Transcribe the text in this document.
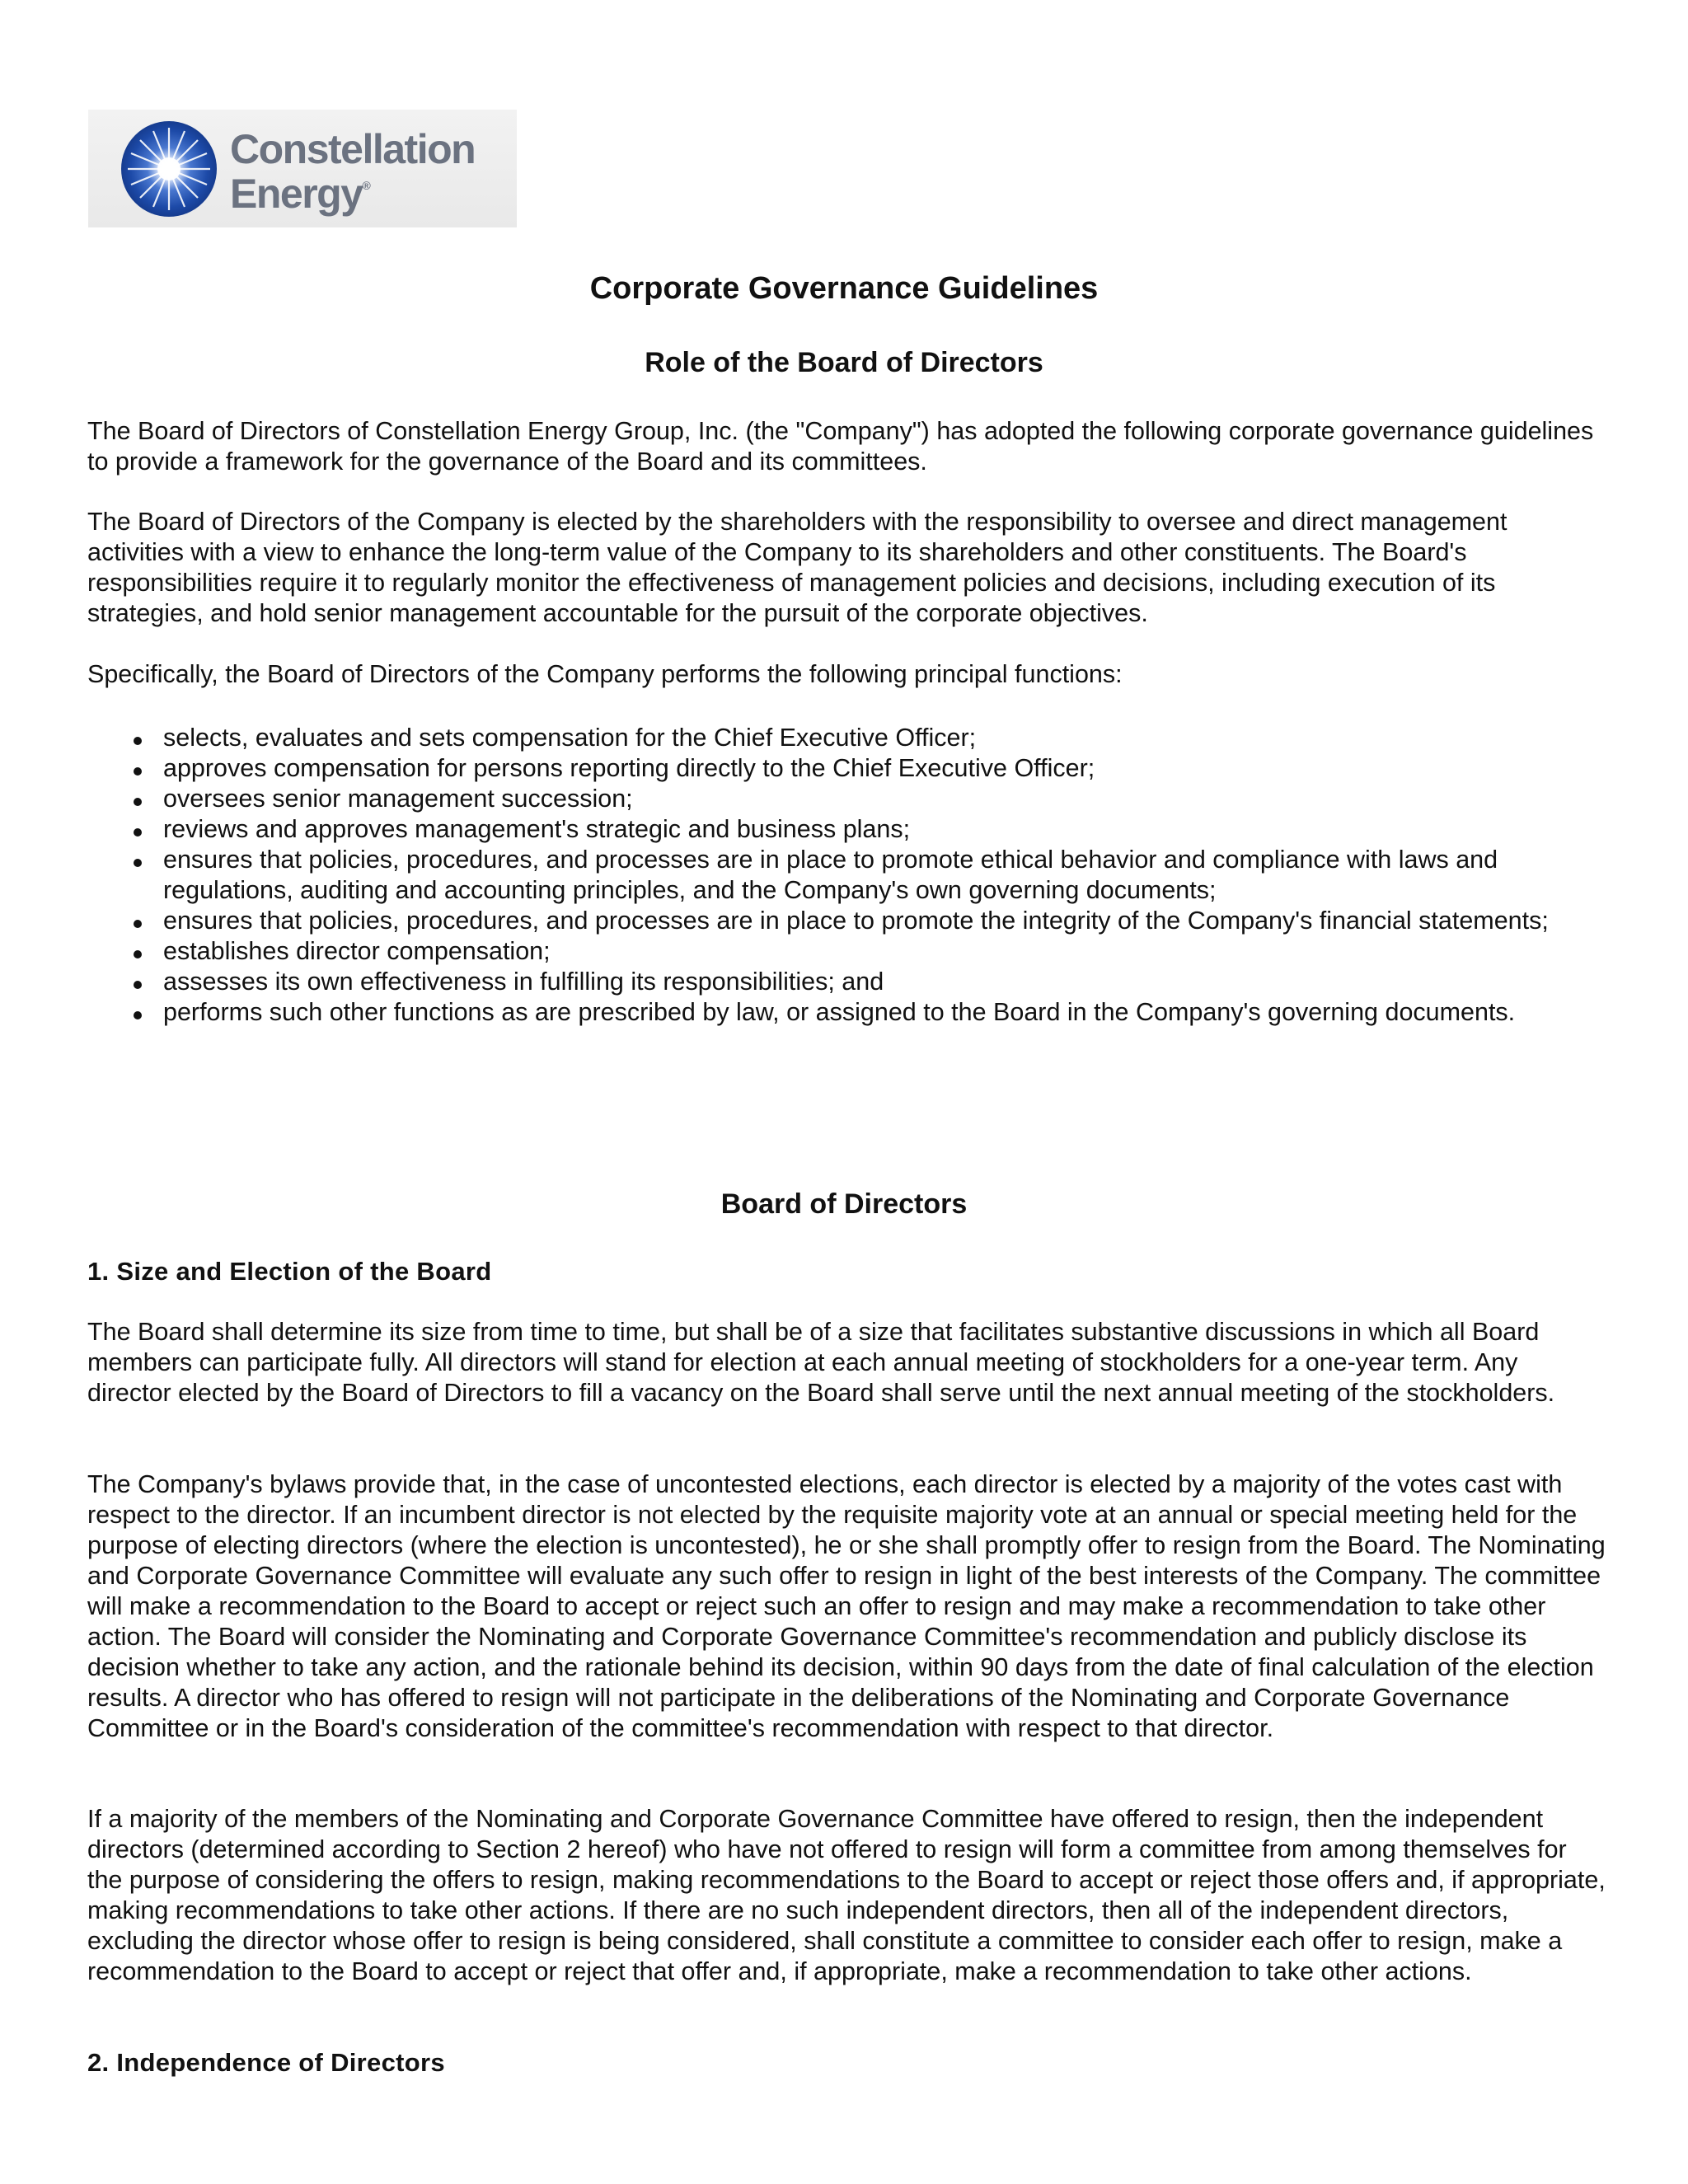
Constellation
Energy®
Corporate Governance Guidelines
Role of the Board of Directors

The Board of Directors of Constellation Energy Group, Inc. (the "Company") has adopted the following corporate governance guidelines to provide a framework for the governance of the Board and its committees.

The Board of Directors of the Company is elected by the shareholders with the responsibility to oversee and direct management activities with a view to enhance the long-term value of the Company to its shareholders and other constituents. The Board's responsibilities require it to regularly monitor the effectiveness of management policies and decisions, including execution of its strategies, and hold senior management accountable for the pursuit of the corporate objectives.

Specifically, the Board of Directors of the Company performs the following principal functions:

selects, evaluates and sets compensation for the Chief Executive Officer;
approves compensation for persons reporting directly to the Chief Executive Officer;
oversees senior management succession;
reviews and approves management's strategic and business plans;
ensures that policies, procedures, and processes are in place to promote ethical behavior and compliance with laws and regulations, auditing and accounting principles, and the Company's own governing documents;
ensures that policies, procedures, and processes are in place to promote the integrity of the Company's financial statements;
establishes director compensation;
assesses its own effectiveness in fulfilling its responsibilities; and
performs such other functions as are prescribed by law, or assigned to the Board in the Company's governing documents.
Board of Directors
1. Size and Election of the Board

The Board shall determine its size from time to time, but shall be of a size that facilitates substantive discussions in which all Board members can participate fully. All directors will stand for election at each annual meeting of stockholders for a one-year term. Any director elected by the Board of Directors to fill a vacancy on the Board shall serve until the next annual meeting of the stockholders.

The Company's bylaws provide that, in the case of uncontested elections, each director is elected by a majority of the votes cast with respect to the director. If an incumbent director is not elected by the requisite majority vote at an annual or special meeting held for the purpose of electing directors (where the election is uncontested), he or she shall promptly offer to resign from the Board. The Nominating and Corporate Governance Committee will evaluate any such offer to resign in light of the best interests of the Company. The committee will make a recommendation to the Board to accept or reject such an offer to resign and may make a recommendation to take other action. The Board will consider the Nominating and Corporate Governance Committee's recommendation and publicly disclose its decision whether to take any action, and the rationale behind its decision, within 90 days from the date of final calculation of the election results. A director who has offered to resign will not participate in the deliberations of the Nominating and Corporate Governance Committee or in the Board's consideration of the committee's recommendation with respect to that director.

If a majority of the members of the Nominating and Corporate Governance Committee have offered to resign, then the independent directors (determined according to Section 2 hereof) who have not offered to resign will form a committee from among themselves for the purpose of considering the offers to resign, making recommendations to the Board to accept or reject those offers and, if appropriate, making recommendations to take other actions. If there are no such independent directors, then all of the independent directors, excluding the director whose offer to resign is being considered, shall constitute a committee to consider each offer to resign, make a recommendation to the Board to accept or reject that offer and, if appropriate, make a recommendation to take other actions.

2. Independence of Directors
